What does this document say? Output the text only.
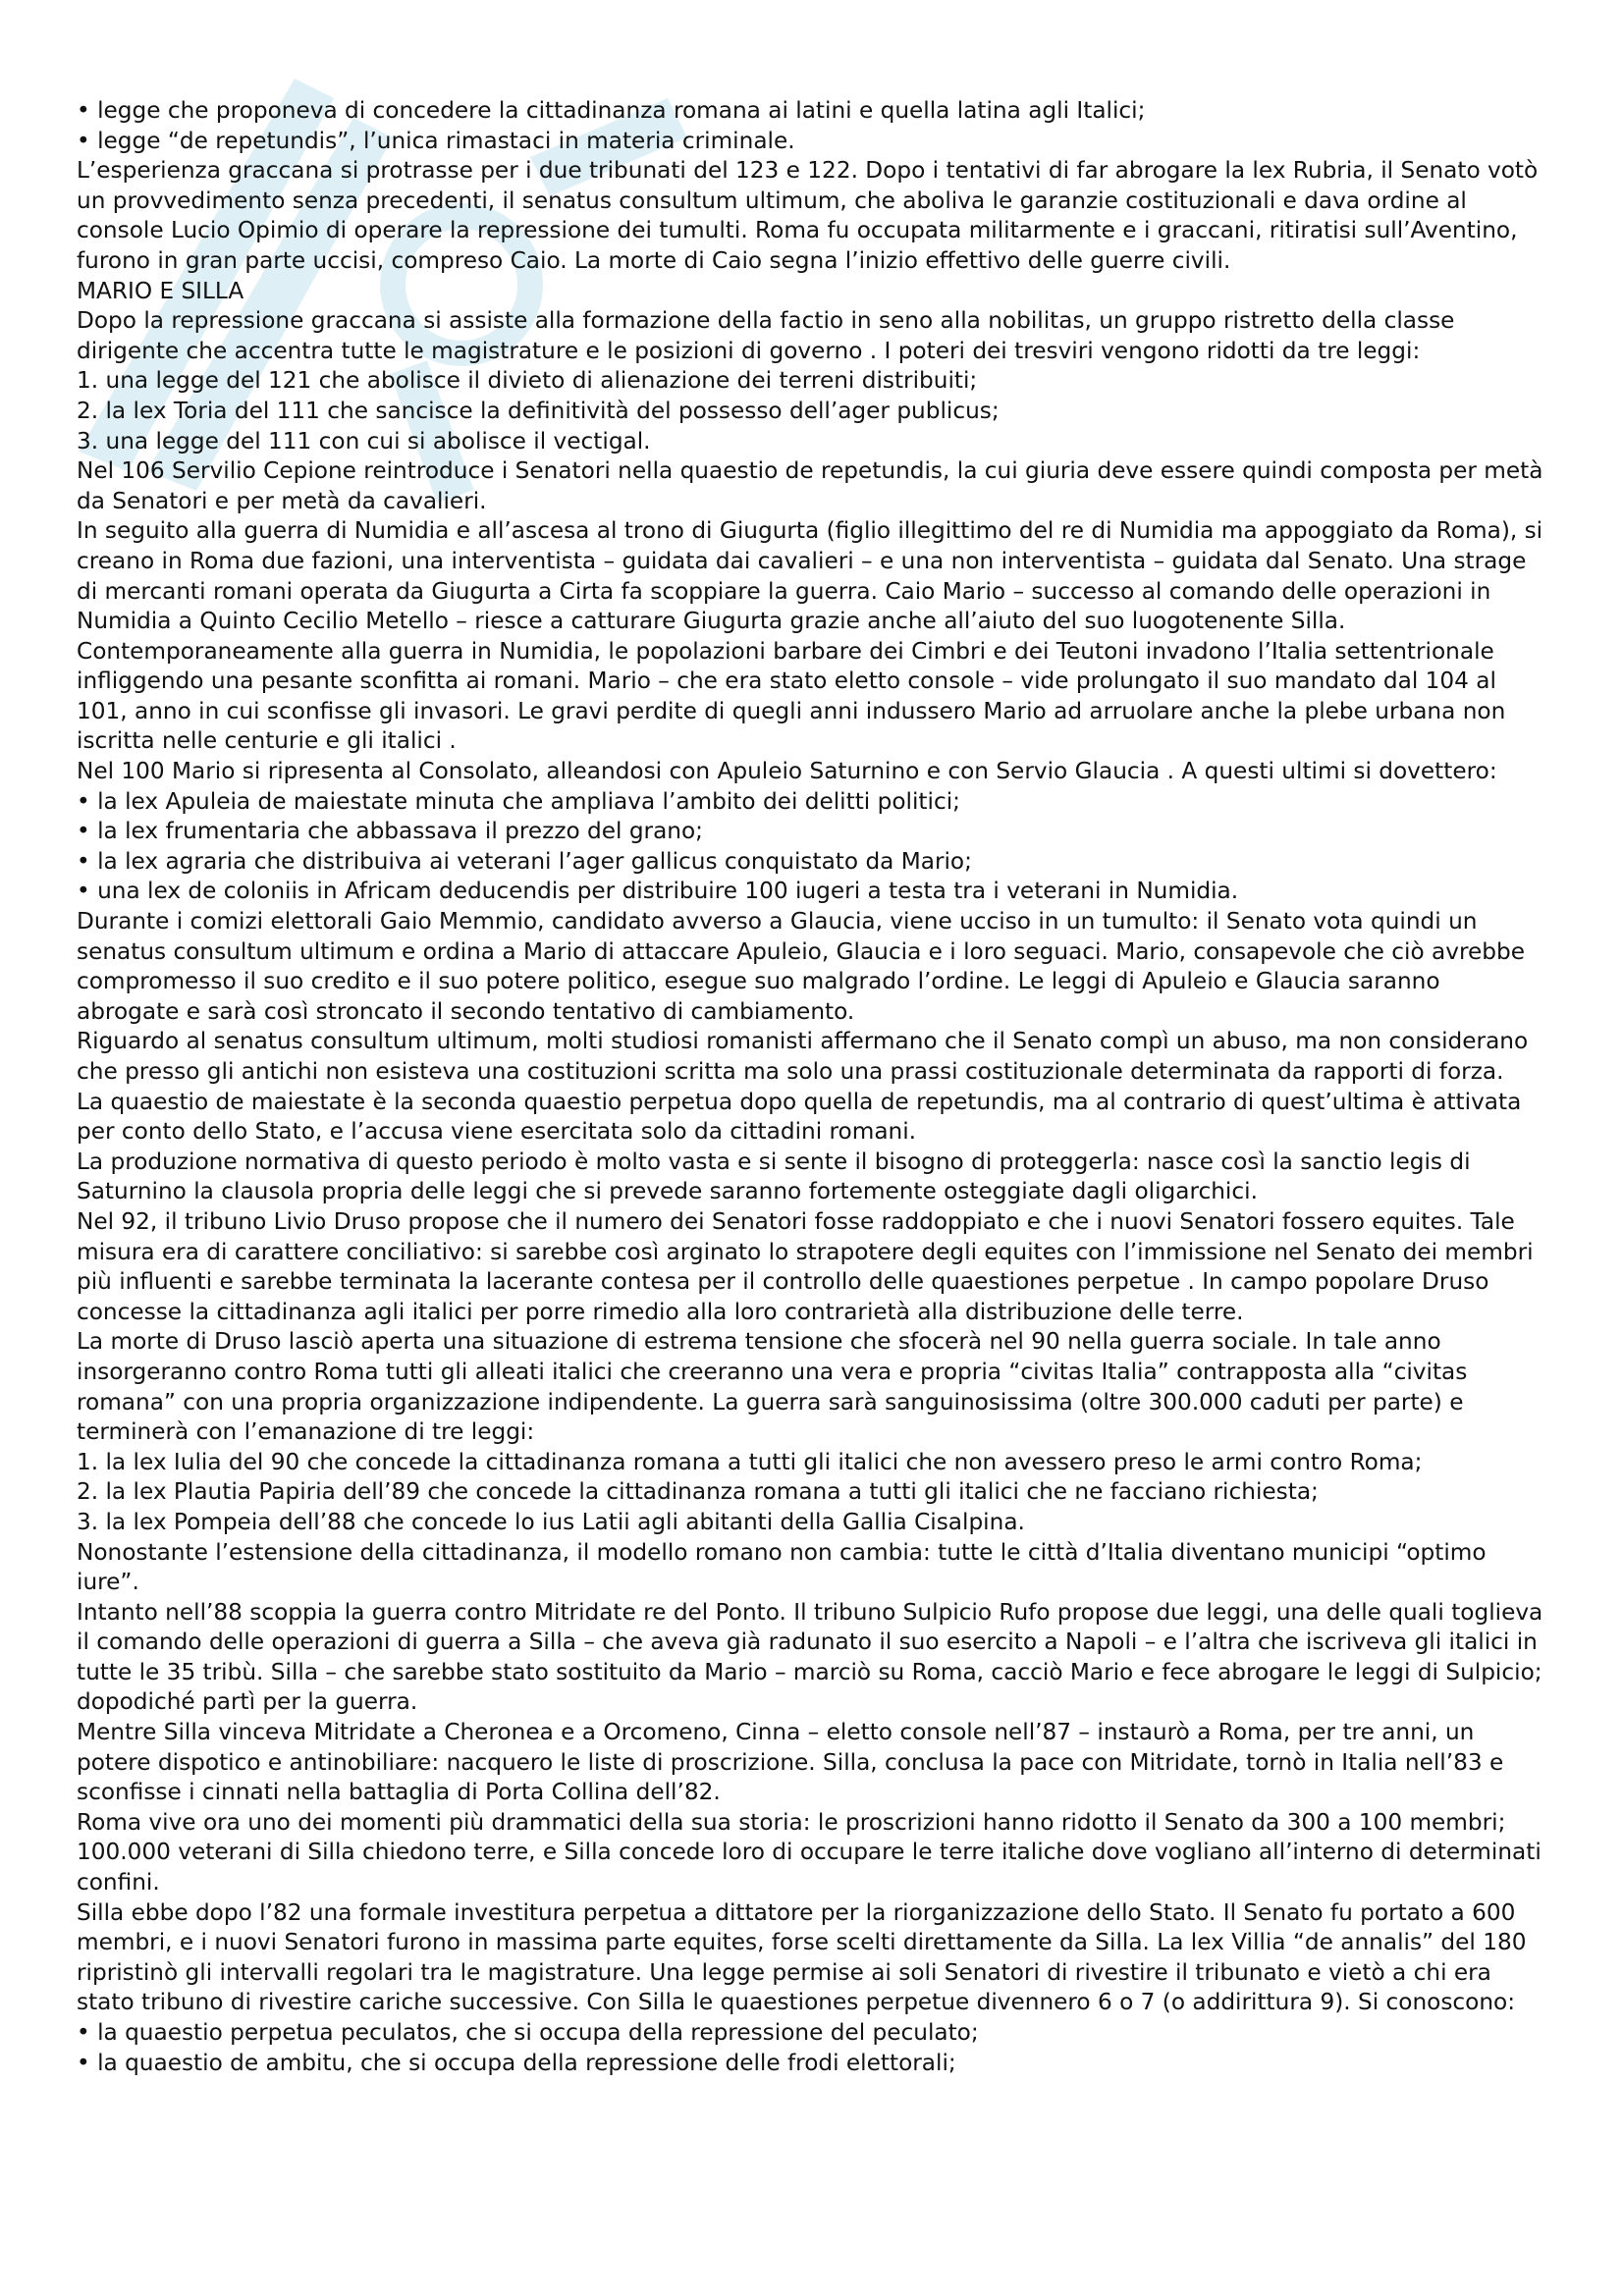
• legge che proponeva di concedere la cittadinanza romana ai latini e quella latina agli Italici;

• legge “de repetundis”, l’unica rimastaci in materia criminale.

L’esperienza graccana si protrasse per i due tribunati del 123 e 122. Dopo i tentativi di far abrogare la lex Rubria, il Senato votò un provvedimento senza precedenti, il senatus consultum ultimum, che aboliva le garanzie costituzionali e dava ordine al console Lucio Opimio di operare la repressione dei tumulti. Roma fu occupata militarmente e i graccani, ritiratisi sull’Aventino, furono in gran parte uccisi, compreso Caio. La morte di Caio segna l’inizio effettivo delle guerre civili.

MARIO E SILLA

Dopo la repressione graccana si assiste alla formazione della factio in seno alla nobilitas, un gruppo ristretto della classe dirigente che accentra tutte le magistrature e le posizioni di governo . I poteri dei tresviri vengono ridotti da tre leggi:

1. una legge del 121 che abolisce il divieto di alienazione dei terreni distribuiti;

2. la lex Toria del 111 che sancisce la definitività del possesso dell’ager publicus;

3. una legge del 111 con cui si abolisce il vectigal.

Nel 106 Servilio Cepione reintroduce i Senatori nella quaestio de repetundis, la cui giuria deve essere quindi composta per metà da Senatori e per metà da cavalieri.

In seguito alla guerra di Numidia e all’ascesa al trono di Giugurta (figlio illegittimo del re di Numidia ma appoggiato da Roma), si creano in Roma due fazioni, una interventista – guidata dai cavalieri – e una non interventista – guidata dal Senato. Una strage di mercanti romani operata da Giugurta a Cirta fa scoppiare la guerra. Caio Mario – successo al comando delle operazioni in Numidia a Quinto Cecilio Metello – riesce a catturare Giugurta grazie anche all’aiuto del suo luogotenente Silla. Contemporaneamente alla guerra in Numidia, le popolazioni barbare dei Cimbri e dei Teutoni invadono l’Italia settentrionale infliggendo una pesante sconfitta ai romani. Mario – che era stato eletto console – vide prolungato il suo mandato dal 104 al 101, anno in cui sconfisse gli invasori. Le gravi perdite di quegli anni indussero Mario ad arruolare anche la plebe urbana non iscritta nelle centurie e gli italici .

Nel 100 Mario si ripresenta al Consolato, alleandosi con Apuleio Saturnino e con Servio Glaucia . A questi ultimi si dovettero:

• la lex Apuleia de maiestate minuta che ampliava l’ambito dei delitti politici;

• la lex frumentaria che abbassava il prezzo del grano;

• la lex agraria che distribuiva ai veterani l’ager gallicus conquistato da Mario;

• una lex de coloniis in Africam deducendis per distribuire 100 iugeri a testa tra i veterani in Numidia.

Durante i comizi elettorali Gaio Memmio, candidato avverso a Glaucia, viene ucciso in un tumulto: il Senato vota quindi un senatus consultum ultimum e ordina a Mario di attaccare Apuleio, Glaucia e i loro seguaci. Mario, consapevole che ciò avrebbe compromesso il suo credito e il suo potere politico, esegue suo malgrado l’ordine. Le leggi di Apuleio e Glaucia saranno abrogate e sarà così stroncato il secondo tentativo di cambiamento.

Riguardo al senatus consultum ultimum, molti studiosi romanisti affermano che il Senato compì un abuso, ma non considerano che presso gli antichi non esisteva una costituzioni scritta ma solo una prassi costituzionale determinata da rapporti di forza.

La quaestio de maiestate è la seconda quaestio perpetua dopo quella de repetundis, ma al contrario di quest’ultima è attivata per conto dello Stato, e l’accusa viene esercitata solo da cittadini romani.

La produzione normativa di questo periodo è molto vasta e si sente il bisogno di proteggerla: nasce così la sanctio legis di Saturnino la clausola propria delle leggi che si prevede saranno fortemente osteggiate dagli oligarchici.

Nel 92, il tribuno Livio Druso propose che il numero dei Senatori fosse raddoppiato e che i nuovi Senatori fossero equites. Tale misura era di carattere conciliativo: si sarebbe così arginato lo strapotere degli equites con l’immissione nel Senato dei membri più influenti e sarebbe terminata la lacerante contesa per il controllo delle quaestiones perpetue . In campo popolare Druso concesse la cittadinanza agli italici per porre rimedio alla loro contrarietà alla distribuzione delle terre.

La morte di Druso lasciò aperta una situazione di estrema tensione che sfocerà nel 90 nella guerra sociale. In tale anno insorgeranno contro Roma tutti gli alleati italici che creeranno una vera e propria “civitas Italia” contrapposta alla “civitas romana” con una propria organizzazione indipendente. La guerra sarà sanguinosissima (oltre 300.000 caduti per parte) e terminerà con l’emanazione di tre leggi:

1. la lex Iulia del 90 che concede la cittadinanza romana a tutti gli italici che non avessero preso le armi contro Roma;

2. la lex Plautia Papiria dell’89 che concede la cittadinanza romana a tutti gli italici che ne facciano richiesta;

3. la lex Pompeia dell’88 che concede lo ius Latii agli abitanti della Gallia Cisalpina.

Nonostante l’estensione della cittadinanza, il modello romano non cambia: tutte le città d’Italia diventano municipi “optimo iure”.

Intanto nell’88 scoppia la guerra contro Mitridate re del Ponto. Il tribuno Sulpicio Rufo propose due leggi, una delle quali toglieva il comando delle operazioni di guerra a Silla – che aveva già radunato il suo esercito a Napoli – e l’altra che iscriveva gli italici in tutte le 35 tribù. Silla – che sarebbe stato sostituito da Mario – marciò su Roma, cacciò Mario e fece abrogare le leggi di Sulpicio; dopodiché partì per la guerra.

Mentre Silla vinceva Mitridate a Cheronea e a Orcomeno, Cinna – eletto console nell’87 – instaurò a Roma, per tre anni, un potere dispotico e antinobiliare: nacquero le liste di proscrizione. Silla, conclusa la pace con Mitridate, tornò in Italia nell’83 e sconfisse i cinnati nella battaglia di Porta Collina dell’82.

Roma vive ora uno dei momenti più drammatici della sua storia: le proscrizioni hanno ridotto il Senato da 300 a 100 membri; 100.000 veterani di Silla chiedono terre, e Silla concede loro di occupare le terre italiche dove vogliano all’interno di determinati confini.

Silla ebbe dopo l’82 una formale investitura perpetua a dittatore per la riorganizzazione dello Stato. Il Senato fu portato a 600 membri, e i nuovi Senatori furono in massima parte equites, forse scelti direttamente da Silla. La lex Villia “de annalis” del 180 ripristinò gli intervalli regolari tra le magistrature. Una legge permise ai soli Senatori di rivestire il tribunato e vietò a chi era stato tribuno di rivestire cariche successive. Con Silla le quaestiones perpetue divennero 6 o 7 (o addirittura 9). Si conoscono:

• la quaestio perpetua peculatos, che si occupa della repressione del peculato;

• la quaestio de ambitu, che si occupa della repressione delle frodi elettorali;
